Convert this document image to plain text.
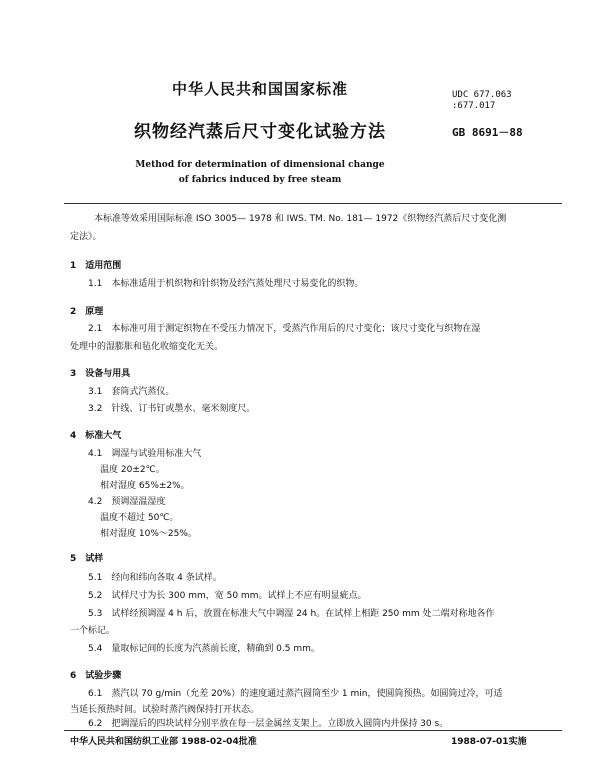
中华人民共和国国家标准	UDC 677.063
:677.017
织物经汽蒸后尺寸变化试验方法	GB 8691－88
Method for determination of dimensional change
of fabrics induced by free steam
本标准等效采用国际标准 ISO 3005— 1978 和 IWS. TM. No. 181— 1972《织物经汽蒸后尺寸变化测
定法》。
1　适用范围
1.1　本标准适用于机织物和针织物及经汽蒸处理尺寸易变化的织物。
2　原理
2.1　本标准可用于测定织物在不受压力情况下，受蒸汽作用后的尺寸变化；该尺寸变化与织物在湿
处理中的湿膨胀和毡化收缩变化无关。
3　设备与用具
3.1　套筒式汽蒸仪。
3.2　针线、订书钉或墨水、毫米刻度尺。
4　标准大气
4.1　调湿与试验用标准大气
温度 20±2℃。
相对湿度 65%±2%。
4.2　预调湿温湿度
温度不超过 50℃。
相对湿度 10%～25%。
5　试样
5.1　经向和纬向各取 4 条试样。
5.2　试样尺寸为长 300 mm，宽 50 mm。试样上不应有明显疵点。
5.3　试样经预调湿 4 h 后，放置在标准大气中调湿 24 h。在试样上相距 250 mm 处二端对称地各作
一个标记。
5.4　量取标记间的长度为汽蒸前长度，精确到 0.5 mm。
6　试验步骤
6.1　蒸汽以 70 g/min（允差 20%）的速度通过蒸汽圆筒至少 1 min，使圆筒预热。如圆筒过冷，可适
当延长预热时间。试验时蒸汽阀保持打开状态。
6.2　把调湿后的四块试样分别平放在每一层金属丝支架上。立即放入圆筒内并保持 30 s。
中华人民共和国纺织工业部 1988-02-04批准	1988-07-01实施
